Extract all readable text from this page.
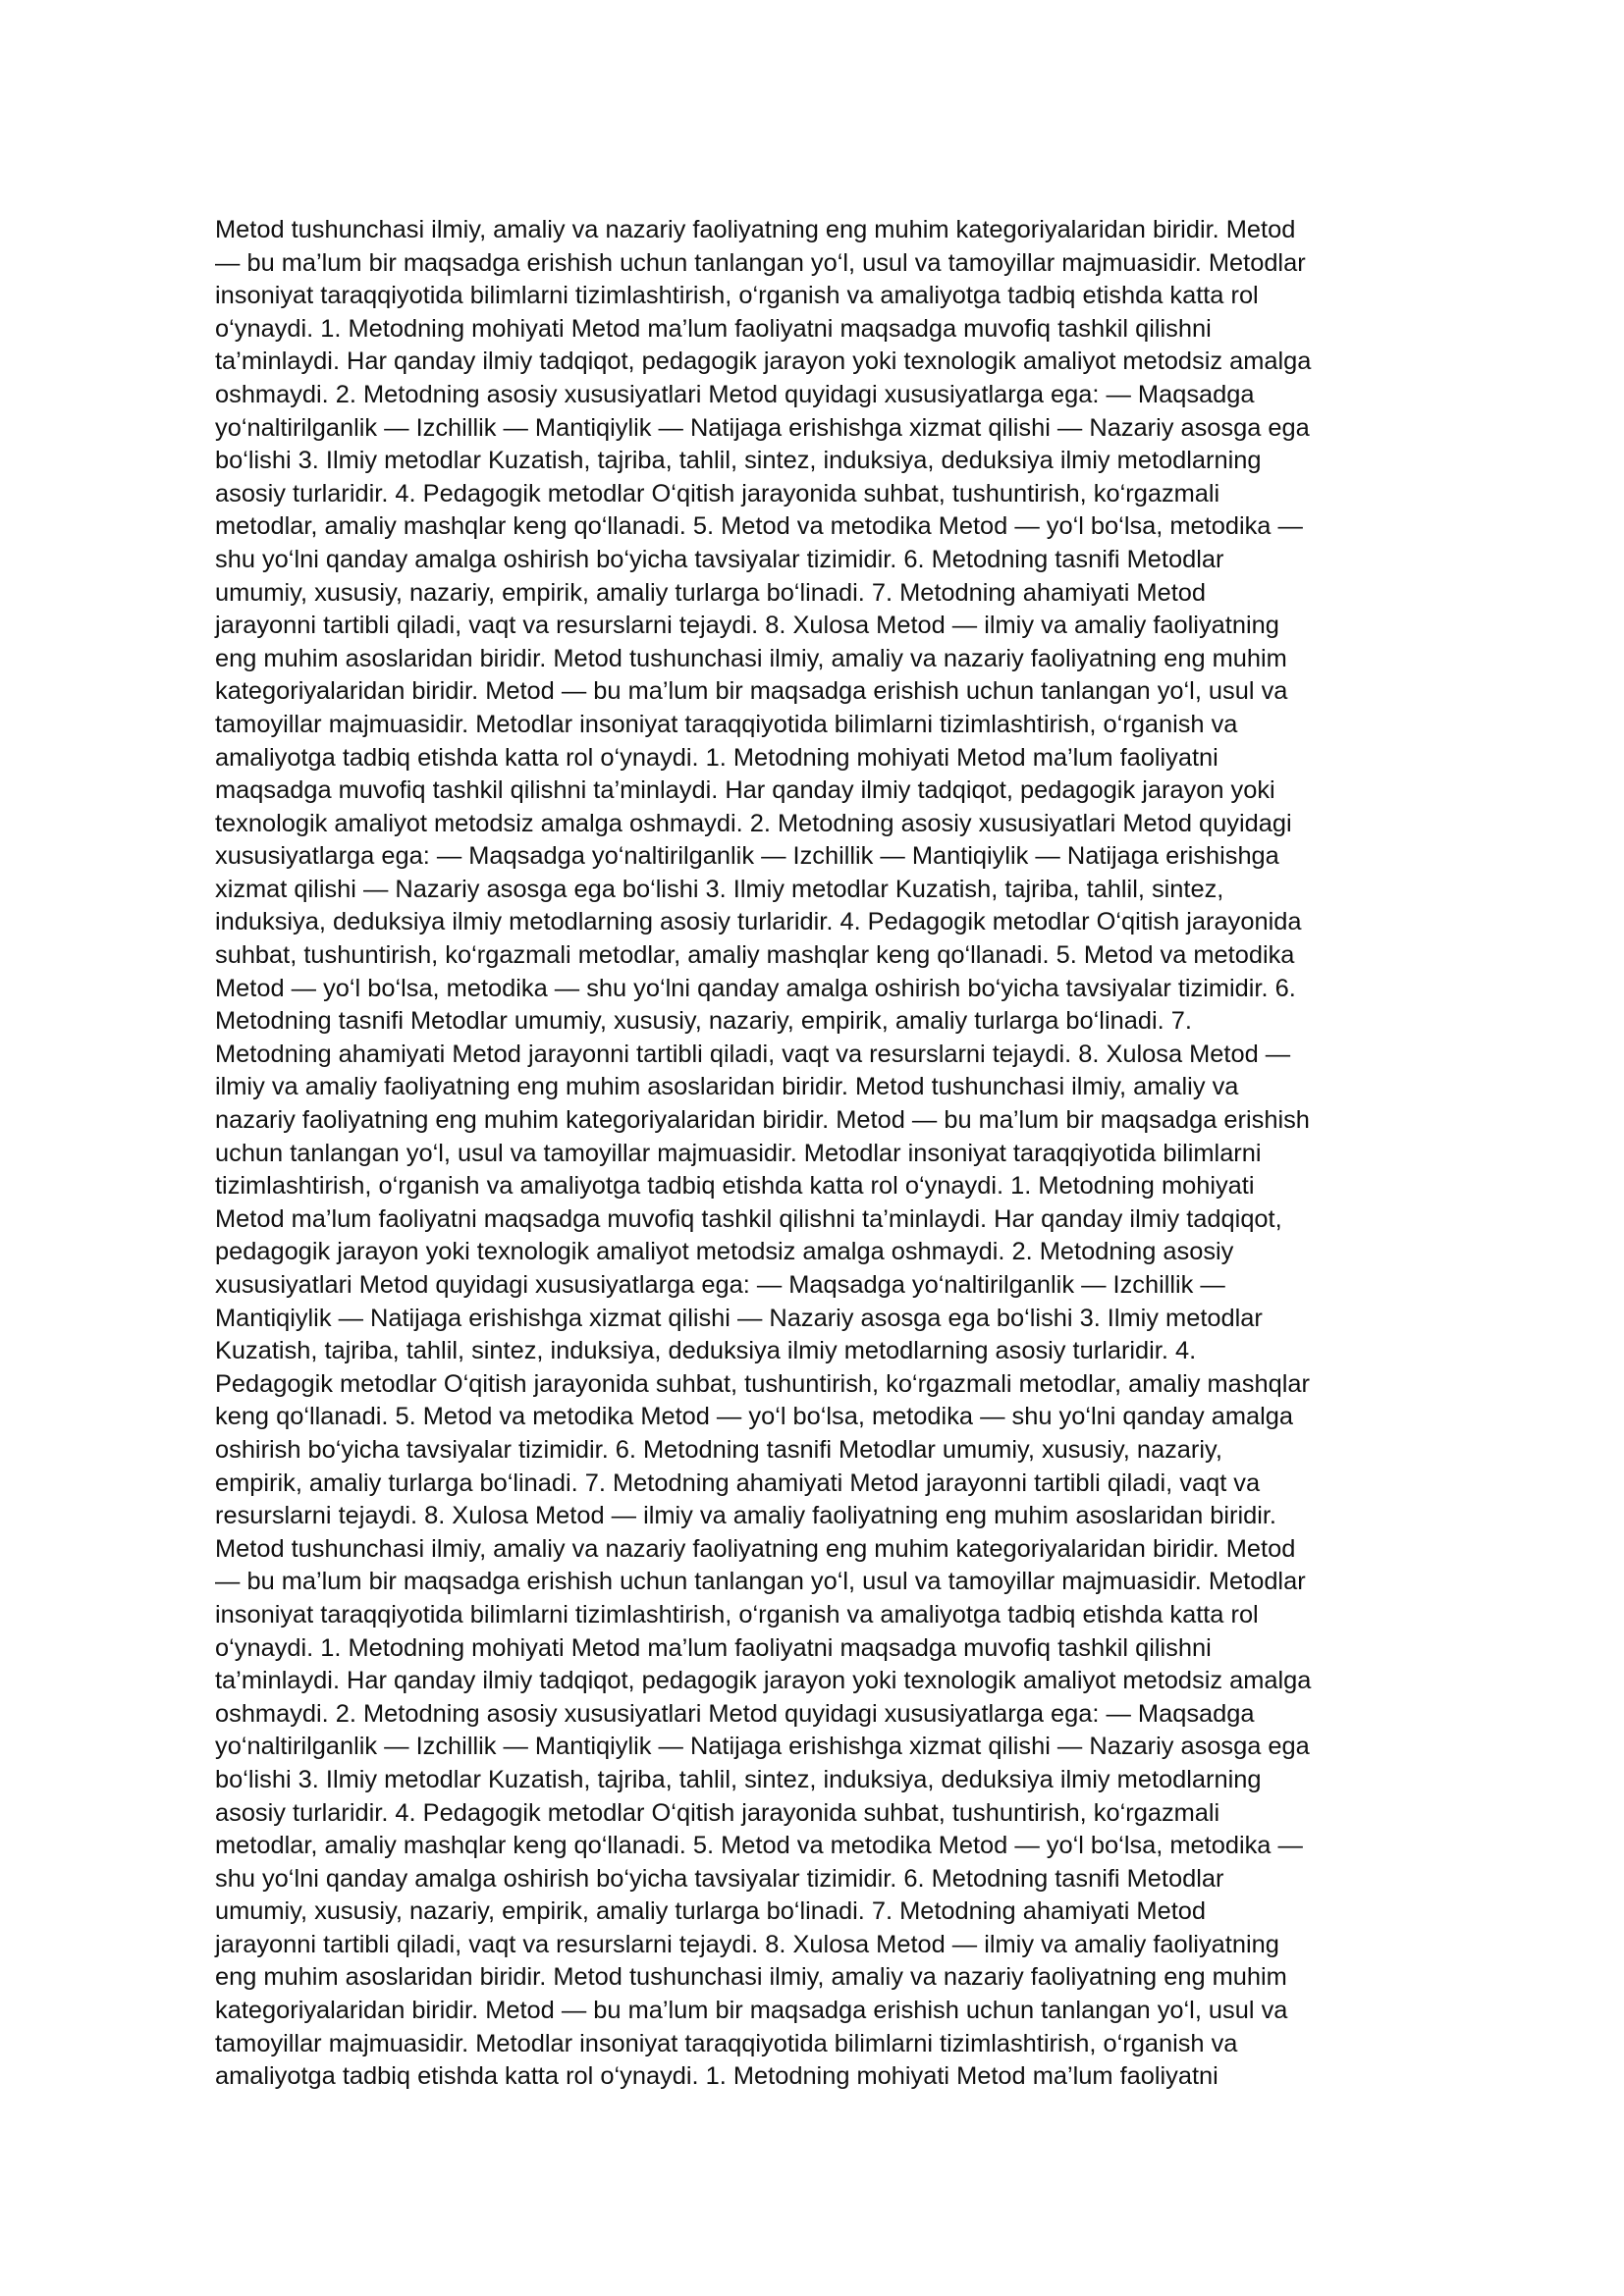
Metod tushunchasi ilmiy, amaliy va nazariy faoliyatning eng muhim kategoriyalaridan biridir. Metod
— bu ma’lum bir maqsadga erishish uchun tanlangan yo‘l, usul va tamoyillar majmuasidir. Metodlar
insoniyat taraqqiyotida bilimlarni tizimlashtirish, o‘rganish va amaliyotga tadbiq etishda katta rol
o‘ynaydi. 1. Metodning mohiyati Metod ma’lum faoliyatni maqsadga muvofiq tashkil qilishni
ta’minlaydi. Har qanday ilmiy tadqiqot, pedagogik jarayon yoki texnologik amaliyot metodsiz amalga
oshmaydi. 2. Metodning asosiy xususiyatlari Metod quyidagi xususiyatlarga ega: — Maqsadga
yo‘naltirilganlik — Izchillik — Mantiqiylik — Natijaga erishishga xizmat qilishi — Nazariy asosga ega
bo‘lishi 3. Ilmiy metodlar Kuzatish, tajriba, tahlil, sintez, induksiya, deduksiya ilmiy metodlarning
asosiy turlaridir. 4. Pedagogik metodlar O‘qitish jarayonida suhbat, tushuntirish, ko‘rgazmali
metodlar, amaliy mashqlar keng qo‘llanadi. 5. Metod va metodika Metod — yo‘l bo‘lsa, metodika —
shu yo‘lni qanday amalga oshirish bo‘yicha tavsiyalar tizimidir. 6. Metodning tasnifi Metodlar
umumiy, xususiy, nazariy, empirik, amaliy turlarga bo‘linadi. 7. Metodning ahamiyati Metod
jarayonni tartibli qiladi, vaqt va resurslarni tejaydi. 8. Xulosa Metod — ilmiy va amaliy faoliyatning
eng muhim asoslaridan biridir. Metod tushunchasi ilmiy, amaliy va nazariy faoliyatning eng muhim
kategoriyalaridan biridir. Metod — bu ma’lum bir maqsadga erishish uchun tanlangan yo‘l, usul va
tamoyillar majmuasidir. Metodlar insoniyat taraqqiyotida bilimlarni tizimlashtirish, o‘rganish va
amaliyotga tadbiq etishda katta rol o‘ynaydi. 1. Metodning mohiyati Metod ma’lum faoliyatni
maqsadga muvofiq tashkil qilishni ta’minlaydi. Har qanday ilmiy tadqiqot, pedagogik jarayon yoki
texnologik amaliyot metodsiz amalga oshmaydi. 2. Metodning asosiy xususiyatlari Metod quyidagi
xususiyatlarga ega: — Maqsadga yo‘naltirilganlik — Izchillik — Mantiqiylik — Natijaga erishishga
xizmat qilishi — Nazariy asosga ega bo‘lishi 3. Ilmiy metodlar Kuzatish, tajriba, tahlil, sintez,
induksiya, deduksiya ilmiy metodlarning asosiy turlaridir. 4. Pedagogik metodlar O‘qitish jarayonida
suhbat, tushuntirish, ko‘rgazmali metodlar, amaliy mashqlar keng qo‘llanadi. 5. Metod va metodika
Metod — yo‘l bo‘lsa, metodika — shu yo‘lni qanday amalga oshirish bo‘yicha tavsiyalar tizimidir. 6.
Metodning tasnifi Metodlar umumiy, xususiy, nazariy, empirik, amaliy turlarga bo‘linadi. 7.
Metodning ahamiyati Metod jarayonni tartibli qiladi, vaqt va resurslarni tejaydi. 8. Xulosa Metod —
ilmiy va amaliy faoliyatning eng muhim asoslaridan biridir. Metod tushunchasi ilmiy, amaliy va
nazariy faoliyatning eng muhim kategoriyalaridan biridir. Metod — bu ma’lum bir maqsadga erishish
uchun tanlangan yo‘l, usul va tamoyillar majmuasidir. Metodlar insoniyat taraqqiyotida bilimlarni
tizimlashtirish, o‘rganish va amaliyotga tadbiq etishda katta rol o‘ynaydi. 1. Metodning mohiyati
Metod ma’lum faoliyatni maqsadga muvofiq tashkil qilishni ta’minlaydi. Har qanday ilmiy tadqiqot,
pedagogik jarayon yoki texnologik amaliyot metodsiz amalga oshmaydi. 2. Metodning asosiy
xususiyatlari Metod quyidagi xususiyatlarga ega: — Maqsadga yo‘naltirilganlik — Izchillik —
Mantiqiylik — Natijaga erishishga xizmat qilishi — Nazariy asosga ega bo‘lishi 3. Ilmiy metodlar
Kuzatish, tajriba, tahlil, sintez, induksiya, deduksiya ilmiy metodlarning asosiy turlaridir. 4.
Pedagogik metodlar O‘qitish jarayonida suhbat, tushuntirish, ko‘rgazmali metodlar, amaliy mashqlar
keng qo‘llanadi. 5. Metod va metodika Metod — yo‘l bo‘lsa, metodika — shu yo‘lni qanday amalga
oshirish bo‘yicha tavsiyalar tizimidir. 6. Metodning tasnifi Metodlar umumiy, xususiy, nazariy,
empirik, amaliy turlarga bo‘linadi. 7. Metodning ahamiyati Metod jarayonni tartibli qiladi, vaqt va
resurslarni tejaydi. 8. Xulosa Metod — ilmiy va amaliy faoliyatning eng muhim asoslaridan biridir.
Metod tushunchasi ilmiy, amaliy va nazariy faoliyatning eng muhim kategoriyalaridan biridir. Metod
— bu ma’lum bir maqsadga erishish uchun tanlangan yo‘l, usul va tamoyillar majmuasidir. Metodlar
insoniyat taraqqiyotida bilimlarni tizimlashtirish, o‘rganish va amaliyotga tadbiq etishda katta rol
o‘ynaydi. 1. Metodning mohiyati Metod ma’lum faoliyatni maqsadga muvofiq tashkil qilishni
ta’minlaydi. Har qanday ilmiy tadqiqot, pedagogik jarayon yoki texnologik amaliyot metodsiz amalga
oshmaydi. 2. Metodning asosiy xususiyatlari Metod quyidagi xususiyatlarga ega: — Maqsadga
yo‘naltirilganlik — Izchillik — Mantiqiylik — Natijaga erishishga xizmat qilishi — Nazariy asosga ega
bo‘lishi 3. Ilmiy metodlar Kuzatish, tajriba, tahlil, sintez, induksiya, deduksiya ilmiy metodlarning
asosiy turlaridir. 4. Pedagogik metodlar O‘qitish jarayonida suhbat, tushuntirish, ko‘rgazmali
metodlar, amaliy mashqlar keng qo‘llanadi. 5. Metod va metodika Metod — yo‘l bo‘lsa, metodika —
shu yo‘lni qanday amalga oshirish bo‘yicha tavsiyalar tizimidir. 6. Metodning tasnifi Metodlar
umumiy, xususiy, nazariy, empirik, amaliy turlarga bo‘linadi. 7. Metodning ahamiyati Metod
jarayonni tartibli qiladi, vaqt va resurslarni tejaydi. 8. Xulosa Metod — ilmiy va amaliy faoliyatning
eng muhim asoslaridan biridir. Metod tushunchasi ilmiy, amaliy va nazariy faoliyatning eng muhim
kategoriyalaridan biridir. Metod — bu ma’lum bir maqsadga erishish uchun tanlangan yo‘l, usul va
tamoyillar majmuasidir. Metodlar insoniyat taraqqiyotida bilimlarni tizimlashtirish, o‘rganish va
amaliyotga tadbiq etishda katta rol o‘ynaydi. 1. Metodning mohiyati Metod ma’lum faoliyatni
